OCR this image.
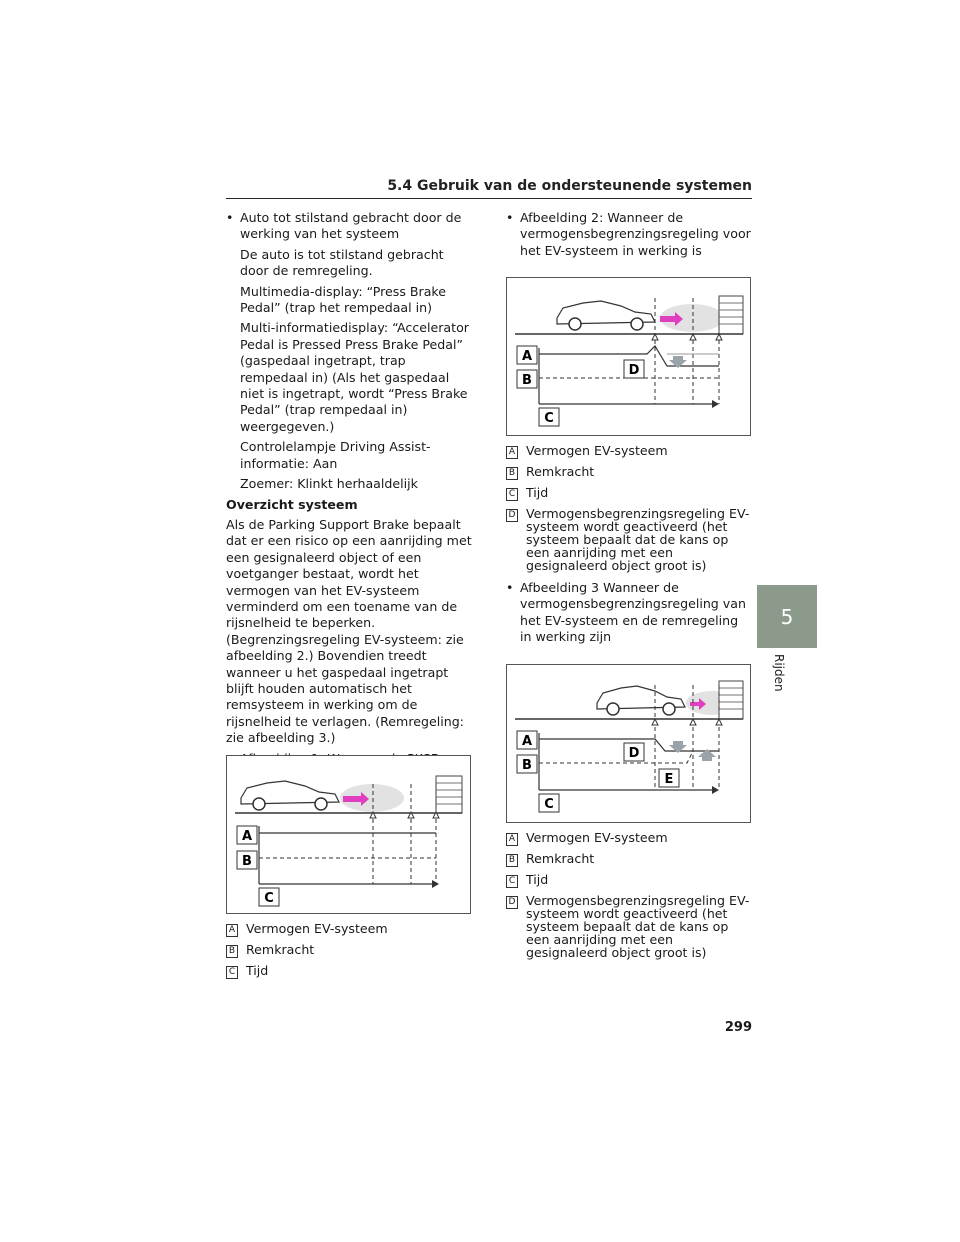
5.4 Gebruik van de ondersteunende systemen
5
Rijden
• Auto tot stilstand gebracht door de werking van het systeem
De auto is tot stilstand gebracht door de remregeling.
Multimedia-display: “Press Brake Pedal” (trap het rempedaal in)
Multi-informatiedisplay: “Accelerator Pedal is Pressed Press Brake Pedal” (gaspedaal ingetrapt, trap rempedaal in) (Als het gaspedaal niet is ingetrapt, wordt “Press Brake Pedal” (trap rempedaal in) weergegeven.)
Controlelampje Driving Assist-informatie: Aan
Zoemer: Klinkt herhaaldelijk

Overzicht systeem

Als de Parking Support Brake bepaalt dat er een risico op een aanrijding met een gesignaleerd object of een voetganger bestaat, wordt het vermogen van het EV-systeem verminderd om een toename van de rijsnelheid te beperken. (Begrenzingsregeling EV-systeem: zie afbeelding 2.) Bovendien treedt wanneer u het gaspedaal ingetrapt blijft houden automatisch het remsysteem in werking om de rijsnelheid te verlagen. (Remregeling: zie afbeelding 3.)

•
• Afbeelding 2: Wanneer de vermogensbegrenzingsregeling voor het EV-systeem in werking is
• Afbeelding 3 Wanneer de vermogensbegrenzingsregeling van het EV-systeem en de remregeling in werking zijn
A
B
C
A
B
C
D
A
B
C
D
E
A Vermogen EV-systeem
B Remkracht
C Tijd
A Vermogen EV-systeem
B Remkracht
C Tijd
D Vermogensbegrenzingsregeling EV-systeem wordt geactiveerd (het systeem bepaalt dat de kans op een aanrijding met een gesignaleerd object groot is)
A Vermogen EV-systeem
B Remkracht
C Tijd
D Vermogensbegrenzingsregeling EV-systeem wordt geactiveerd (het systeem bepaalt dat de kans op een aanrijding met een gesignaleerd object groot is)
299
